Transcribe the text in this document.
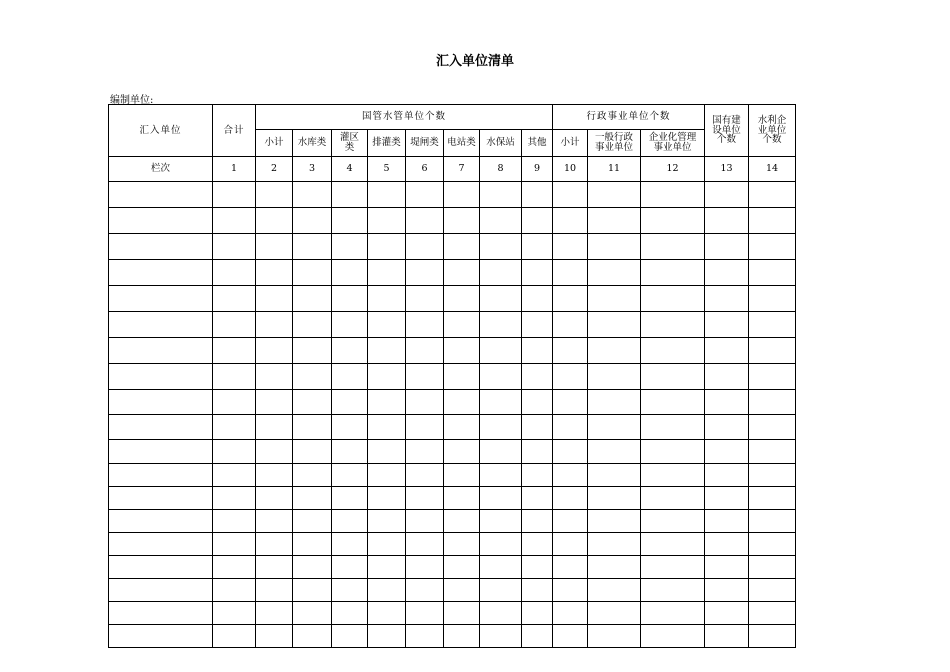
汇入单位清单
编制单位:
汇入单位	合计	国管水管单位个数								行政事业单位个数			国有建设单位个数	水利企业单位个数

		小计	水库类	灌区类	排灌类	堤闸类	电站类	水保站	其他	小计	一般行政事业单位	企业化管理事业单位		

栏次	1	2	3	4	5	6	7	8	9	10	11	12	13	14
